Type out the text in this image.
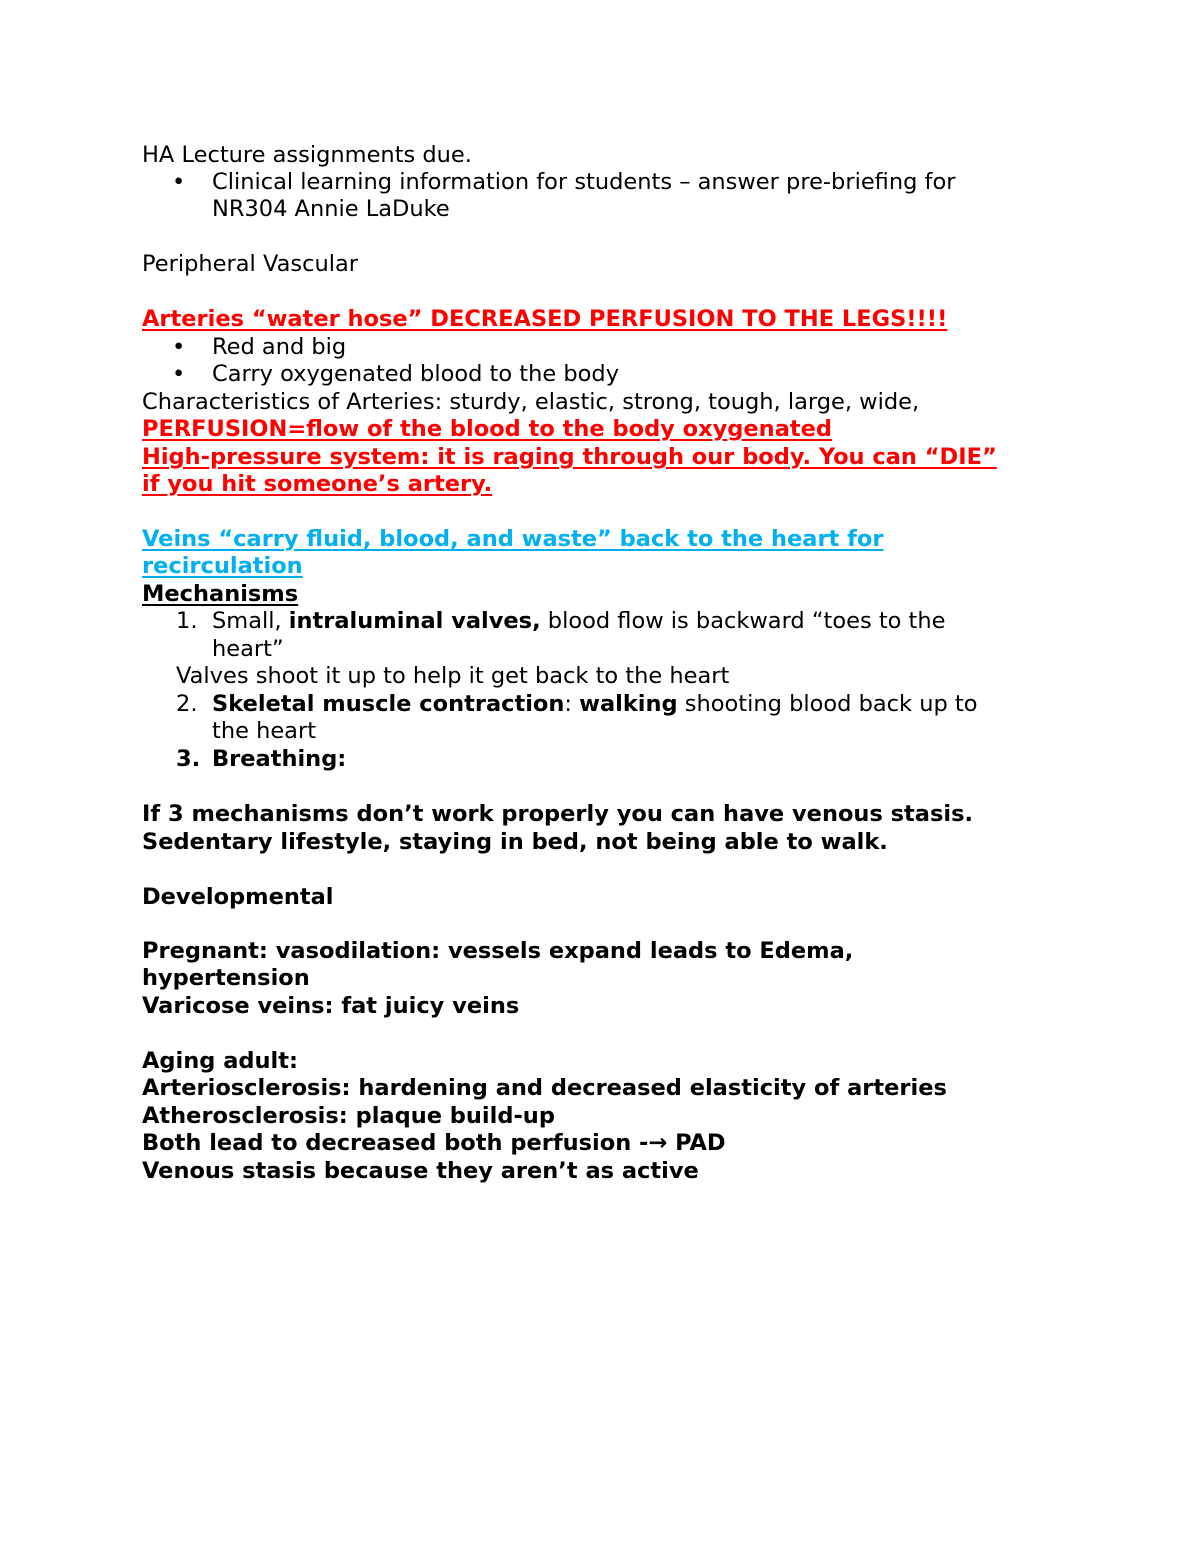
HA Lecture assignments due.
• Clinical learning information for students – answer pre-briefing for
NR304 Annie LaDuke
Peripheral Vascular
Arteries “water hose” DECREASED PERFUSION TO THE LEGS!!!!
• Red and big
• Carry oxygenated blood to the body
Characteristics of Arteries: sturdy, elastic, strong, tough, large, wide,
PERFUSION=flow of the blood to the body oxygenated
High-pressure system: it is raging through our body. You can “DIE”
if you hit someone’s artery.
Veins “carry fluid, blood, and waste” back to the heart for
recirculation
Mechanisms
1. Small, intraluminal valves, blood flow is backward “toes to the
heart”
Valves shoot it up to help it get back to the heart
2. Skeletal muscle contraction: walking shooting blood back up to
the heart
3. Breathing:
If 3 mechanisms don’t work properly you can have venous stasis.
Sedentary lifestyle, staying in bed, not being able to walk.
Developmental
Pregnant: vasodilation: vessels expand leads to Edema,
hypertension
Varicose veins: fat juicy veins
Aging adult:
Arteriosclerosis: hardening and decreased elasticity of arteries
Atherosclerosis: plaque build-up
Both lead to decreased both perfusion -→ PAD
Venous stasis because they aren’t as active
